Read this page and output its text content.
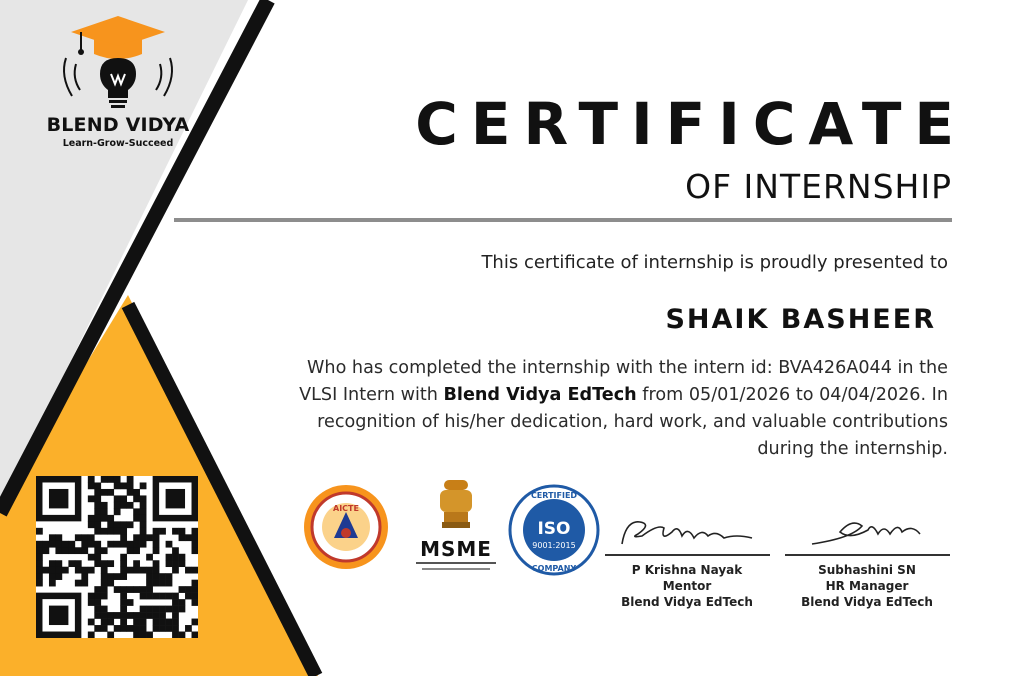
BLEND VIDYA
Learn-Grow-Succeed	CERTIFICATE
OF INTERNSHIP
This certificate of internship is proudly presented to
SHAIK BASHEER
Who has completed the internship with the intern id: BVA426A044 in the VLSI Intern with Blend Vidya EdTech from 05/01/2026 to 04/04/2026. In recognition of his/her dedication, hard work, and valuable contributions during the internship.
AICTE
MSME
CERTIFIED
ISO
9001:2015
COMPANY	P Krishna Nayak
Mentor
Blend Vidya EdTech
Subhashini SN
HR Manager
Blend Vidya EdTech
